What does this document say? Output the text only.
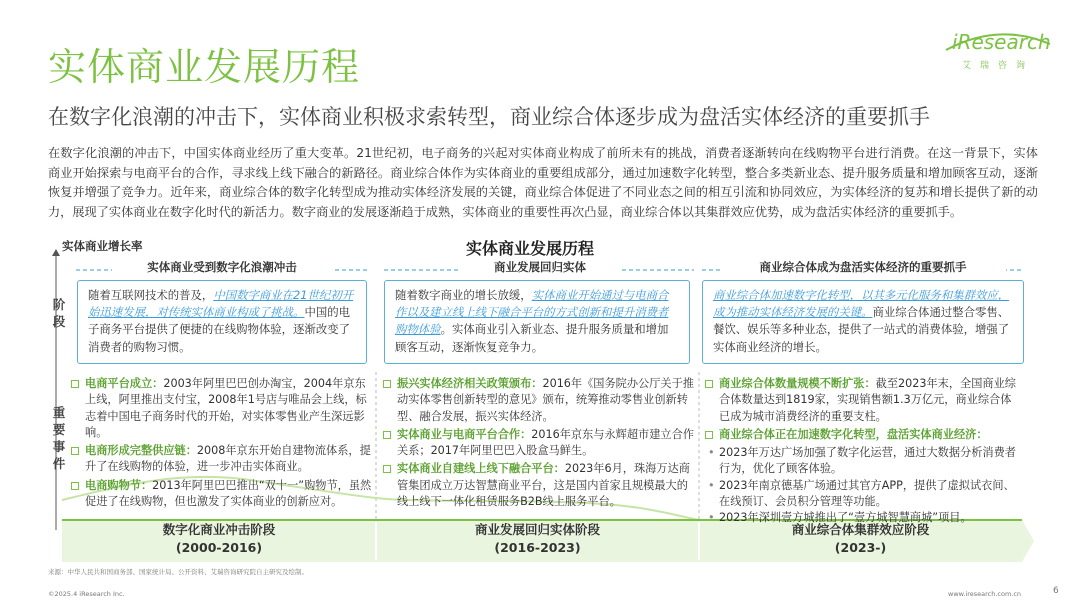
实体商业发展历程
iResearch
艾瑞咨询
在数字化浪潮的冲击下，实体商业积极求索转型，商业综合体逐步成为盘活实体经济的重要抓手
在数字化浪潮的冲击下，中国实体商业经历了重大变革。21世纪初，电子商务的兴起对实体商业构成了前所未有的挑战，消费者逐渐转向在线购物平台进行消费。在这一背景下，实体商业开始探索与电商平台的合作，寻求线上线下融合的新路径。商业综合体作为实体商业的重要组成部分，通过加速数字化转型，整合多类新业态、提升服务质量和增加顾客互动，逐渐恢复并增强了竞争力。近年来，商业综合体的数字化转型成为推动实体经济发展的关键，商业综合体促进了不同业态之间的相互引流和协同效应，为实体经济的复苏和增长提供了新的动力，展现了实体商业在数字化时代的新活力。数字商业的发展逐渐趋于成熟，实体商业的重要性再次凸显，商业综合体以其集群效应优势，成为盘活实体经济的重要抓手。
实体商业增长率	实体商业发展历程
阶段
重要事件
实体商业受到数字化浪潮冲击	商业发展回归实体	商业综合体成为盘活实体经济的重要抓手
随着互联网技术的普及，中国数字商业在21世纪初开始迅速发展，对传统实体商业构成了挑战。中国的电子商务平台提供了便捷的在线购物体验，逐渐改变了消费者的购物习惯。
随着数字商业的增长放缓，实体商业开始通过与电商合作以及建立线上线下融合平台的方式创新和提升消费者购物体验。实体商业引入新业态、提升服务质量和增加顾客互动，逐渐恢复竞争力。
商业综合体加速数字化转型，以其多元化服务和集群效应，成为推动实体经济发展的关键。商业综合体通过整合零售、餐饮、娱乐等多种业态，提供了一站式的消费体验，增强了实体商业经济的增长。
电商平台成立：2003年阿里巴巴创办淘宝，2004年京东上线，阿里推出支付宝，2008年1号店与唯品会上线，标志着中国电子商务时代的开始，对实体零售业产生深远影响。
电商形成完整供应链：2008年京东开始自建物流体系，提升了在线购物的体验，进一步冲击实体商业。
电商购物节：2013年阿里巴巴推出“双十一”购物节，虽然促进了在线购物，但也激发了实体商业的创新应对。
振兴实体经济相关政策颁布：2016年《国务院办公厅关于推动实体零售创新转型的意见》颁布，统筹推动零售业创新转型、融合发展，振兴实体经济。
实体商业与电商平台合作：2016年京东与永辉超市建立合作关系；2017年阿里巴巴入股盒马鲜生。
实体商业自建线上线下融合平台：2023年6月，珠海万达商管集团成立万达智慧商业平台，这是国内首家且规模最大的线上线下一体化租赁服务B2B线上服务平台。
商业综合体数量规模不断扩张：截至2023年末，全国商业综合体数量达到1819家，实现销售额1.3万亿元，商业综合体已成为城市消费经济的重要支柱。
商业综合体正在加速数字化转型，盘活实体商业经济：
• 2023年万达广场加强了数字化运营，通过大数据分析消费者行为，优化了顾客体验。
• 2023年南京德基广场通过其官方APP，提供了虚拟试衣间、在线预订、会员积分管理等功能。
• 2023年深圳壹方城推出了“壹方城智慧商城”项目。
数字化商业冲击阶段
(2000-2016)
商业发展回归实体阶段
(2016-2023)
商业综合体集群效应阶段
(2023-)
来源：中华人民共和国商务部、国家统计局、公开资料、艾瑞咨询研究院自主研究及绘制。
©2025.4 iResearch Inc.	www.iresearch.com.cn	6
